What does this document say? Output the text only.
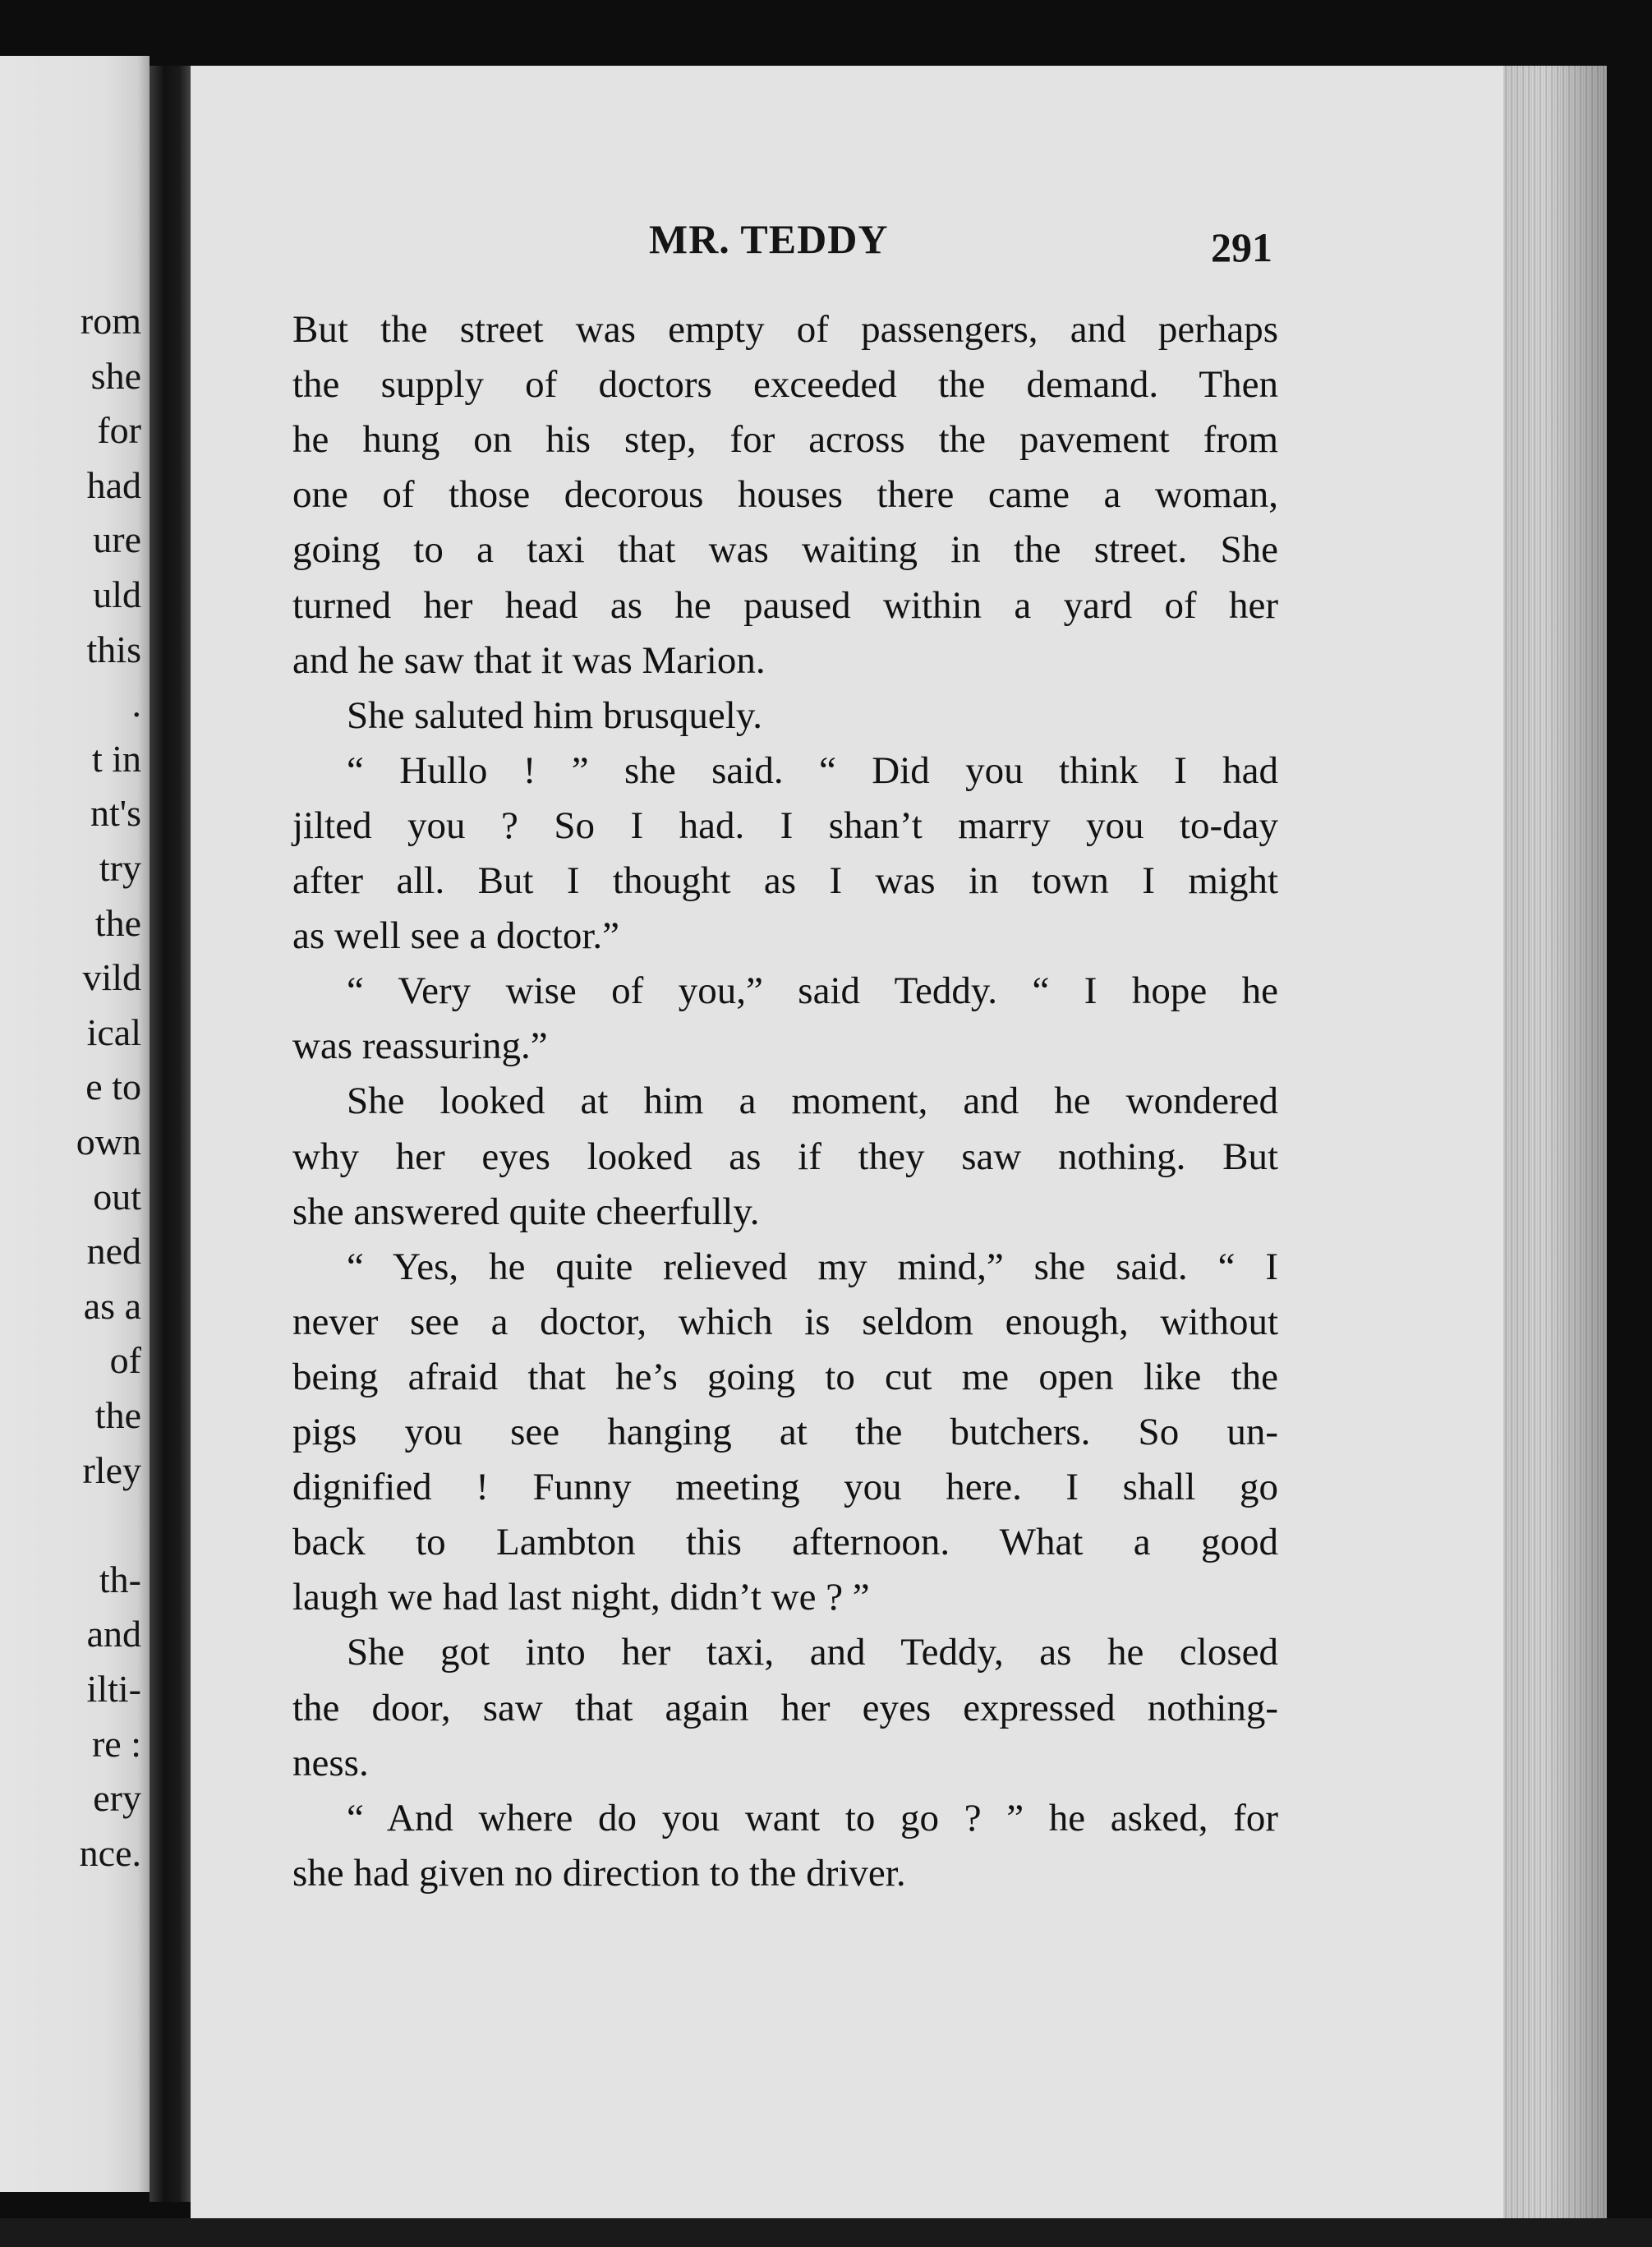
rom
she
for
had
ure
uld
this
.
t in
nt's
try
the
vild
ical
e to
own
out
ned
as a
of
the
rley
th-
and
ilti-
re :
ery
nce.
MR. TEDDY	291
But the street was empty of passengers, and perhaps
the supply of doctors exceeded the demand. Then
he hung on his step, for across the pavement from
one of those decorous houses there came a woman,
going to a taxi that was waiting in the street. She
turned her head as he paused within a yard of her
and he saw that it was Marion.
She saluted him brusquely.
“ Hullo ! ” she said. “ Did you think I had
jilted you ? So I had. I shan’t marry you to-day
after all. But I thought as I was in town I might
as well see a doctor.”
“ Very wise of you,” said Teddy. “ I hope he
was reassuring.”
She looked at him a moment, and he wondered
why her eyes looked as if they saw nothing. But
she answered quite cheerfully.
“ Yes, he quite relieved my mind,” she said. “ I
never see a doctor, which is seldom enough, without
being afraid that he’s going to cut me open like the
pigs you see hanging at the butchers. So un-
dignified ! Funny meeting you here. I shall go
back to Lambton this afternoon. What a good
laugh we had last night, didn’t we ? ”
She got into her taxi, and Teddy, as he closed
the door, saw that again her eyes expressed nothing-
ness.
“ And where do you want to go ? ” he asked, for
she had given no direction to the driver.
